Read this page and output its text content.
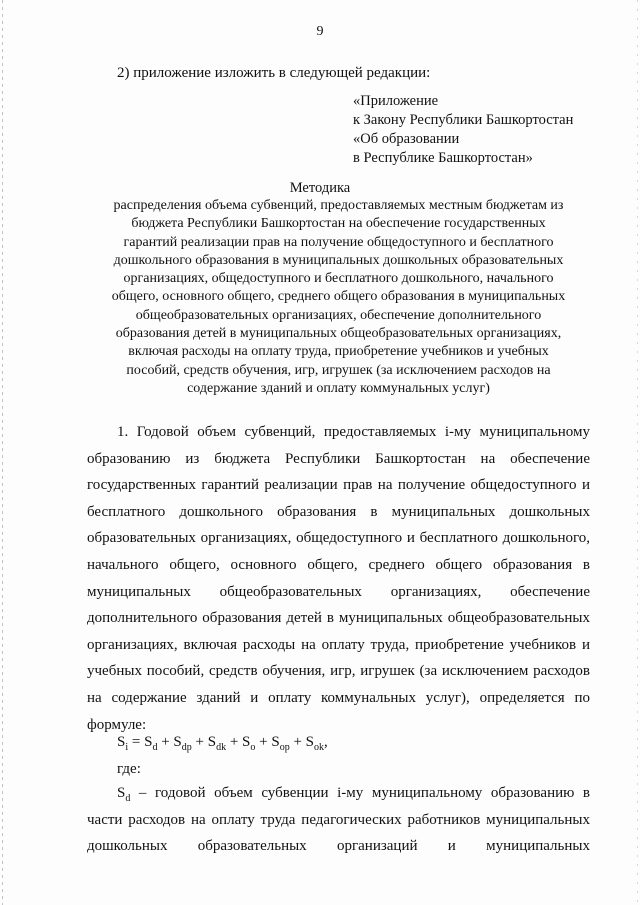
9
2) приложение изложить в следующей редакции:
«Приложение
к Закону Республики Башкортостан
«Об образовании
в Республике Башкортостан»
Методика
распределения объема субвенций, предоставляемых местным бюджетам из
бюджета Республики Башкортостан на обеспечение государственных
гарантий реализации прав на получение общедоступного и бесплатного
дошкольного образования в муниципальных дошкольных образовательных
организациях, общедоступного и бесплатного дошкольного, начального
общего, основного общего, среднего общего образования в муниципальных
общеобразовательных организациях, обеспечение дополнительного
образования детей в муниципальных общеобразовательных организациях,
включая расходы на оплату труда, приобретение учебников и учебных
пособий, средств обучения, игр, игрушек (за исключением расходов на
содержание зданий и оплату коммунальных услуг)
1. Годовой объем субвенций, предоставляемых i-му муниципальному
образованию из бюджета Республики Башкортостан на обеспечение
государственных гарантий реализации прав на получение общедоступного и
бесплатного дошкольного образования в муниципальных дошкольных
образовательных организациях, общедоступного и бесплатного дошкольного,
начального общего, основного общего, среднего общего образования в
муниципальных общеобразовательных организациях, обеспечение
дополнительного образования детей в муниципальных общеобразовательных
организациях, включая расходы на оплату труда, приобретение учебников и
учебных пособий, средств обучения, игр, игрушек (за исключением расходов
на содержание зданий и оплату коммунальных услуг), определяется по
формуле:
$S_i = S_d + S_{dp} + S_{dk} + S_o + S_{op} + S_{ok}$,
где:
$S_d$ – годовой объем субвенции i-му муниципальному образованию в
части расходов на оплату труда педагогических работников муниципальных
дошкольных образовательных организаций и муниципальных
